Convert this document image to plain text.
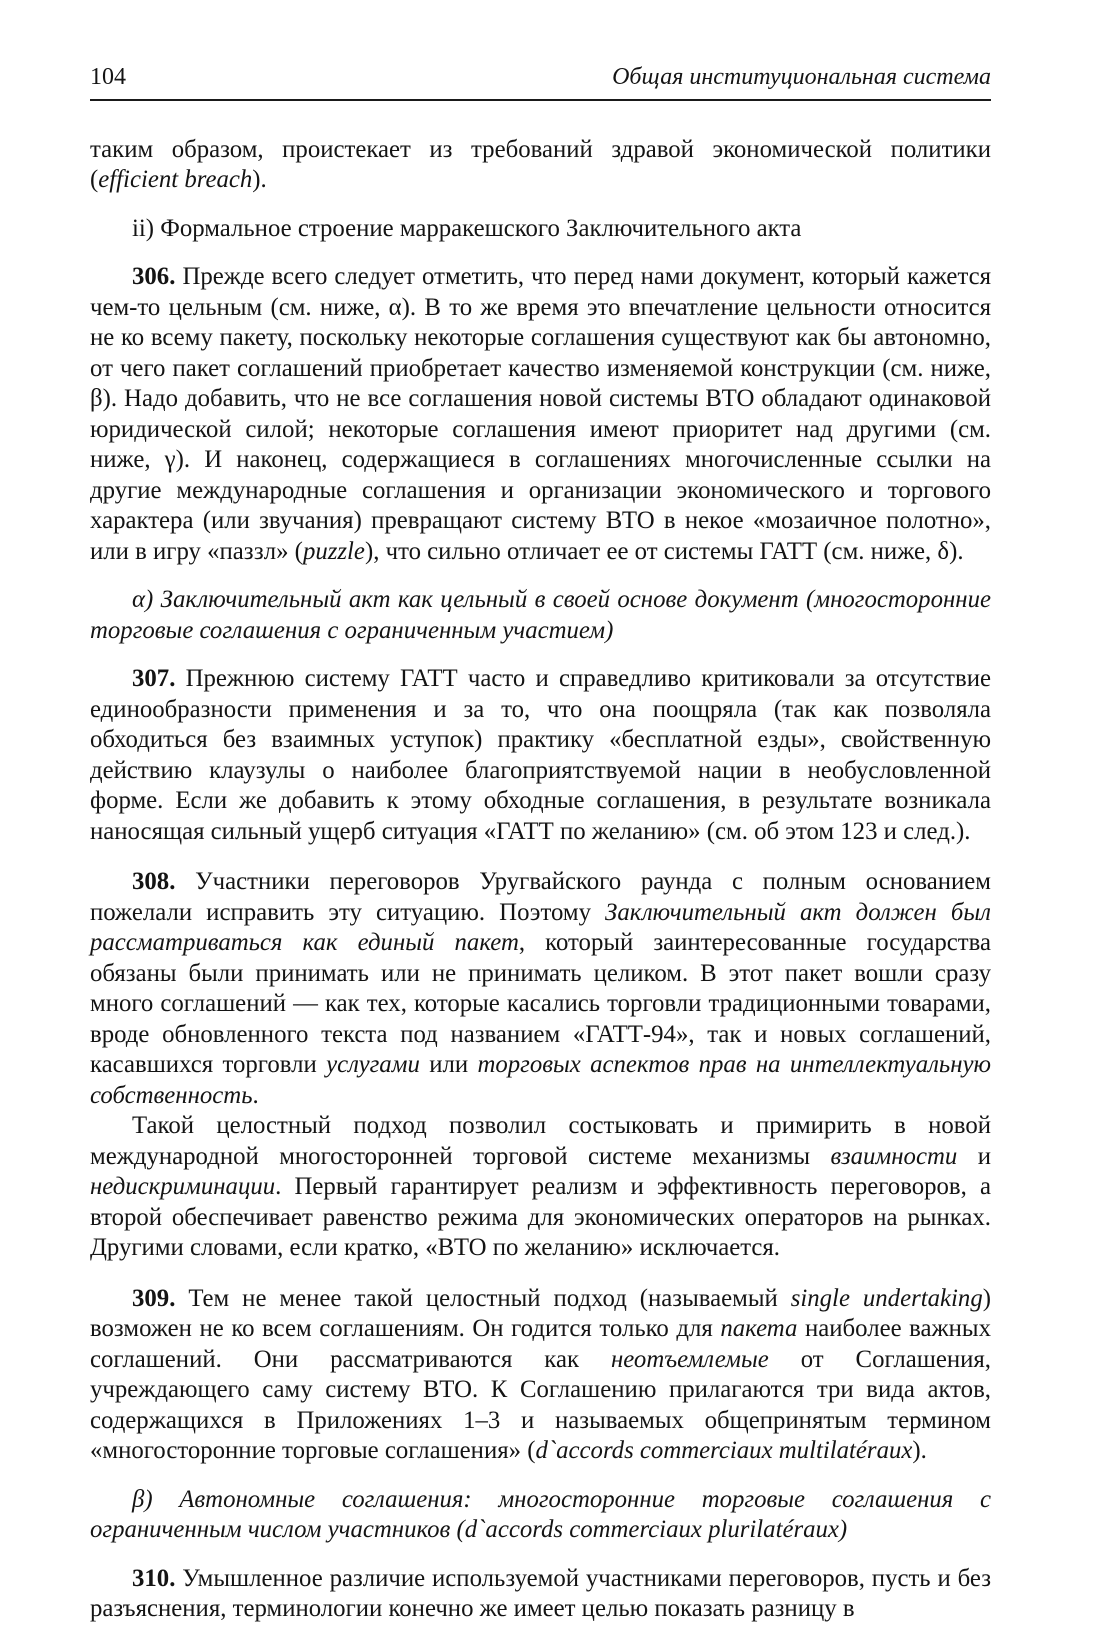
104	Общая институциональная система

таким образом, проистекает из требований здравой экономической политики (efficient breach).

ii) Формальное строение марракешского Заключительного акта

306. Прежде всего следует отметить, что перед нами документ, который кажется чем-то цельным (см. ниже, α). В то же время это впечатление цельности относится не ко всему пакету, поскольку некоторые соглашения существуют как бы автономно, от чего пакет соглашений приобретает качество изменяемой конструкции (см. ниже, β). Надо добавить, что не все соглашения новой системы ВТО обладают одинаковой юридической силой; некоторые соглашения имеют приоритет над другими (см. ниже, γ). И наконец, содержащиеся в соглашениях многочисленные ссылки на другие международные соглашения и организации экономического и торгового характера (или звучания) превращают систему ВТО в некое «мозаичное полотно», или в игру «паззл» (puzzle), что сильно отличает ее от системы ГАТТ (см. ниже, δ).

α) Заключительный акт как цельный в своей основе документ (многосторонние торговые соглашения с ограниченным участием)

307. Прежнюю систему ГАТТ часто и справедливо критиковали за отсутствие единообразности применения и за то, что она поощряла (так как позволяла обходиться без взаимных уступок) практику «бесплатной езды», свойственную действию клаузулы о наиболее благоприятствуемой нации в необусловленной форме. Если же добавить к этому обходные соглашения, в результате возникала наносящая сильный ущерб ситуация «ГАТТ по желанию» (см. об этом 123 и след.).

308. Участники переговоров Уругвайского раунда с полным основанием пожелали исправить эту ситуацию. Поэтому Заключительный акт должен был рассматриваться как единый пакет, который заинтересованные государства обязаны были принимать или не принимать целиком. В этот пакет вошли сразу много соглашений — как тех, которые касались торговли традиционными товарами, вроде обновленного текста под названием «ГАТТ-94», так и новых соглашений, касавшихся торговли услугами или торговых аспектов прав на интеллектуальную собственность.

Такой целостный подход позволил состыковать и примирить в новой международной многосторонней торговой системе механизмы взаимности и недискриминации. Первый гарантирует реализм и эффективность переговоров, а второй обеспечивает равенство режима для экономических операторов на рынках. Другими словами, если кратко, «ВТО по желанию» исключается.

309. Тем не менее такой целостный подход (называемый single undertaking) возможен не ко всем соглашениям. Он годится только для пакета наиболее важных соглашений. Они рассматриваются как неотъемлемые от Соглашения, учреждающего саму систему ВТО. К Соглашению прилагаются три вида актов, содержащихся в Приложениях 1–3 и называемых общепринятым термином «многосторонние торговые соглашения» (d`accords commerciaux multilatéraux).

β) Автономные соглашения: многосторонние торговые соглашения с ограниченным числом участников (d`accords commerciaux plurilatéraux)

310. Умышленное различие используемой участниками переговоров, пусть и без разъяснения, терминологии конечно же имеет целью показать разницу в
